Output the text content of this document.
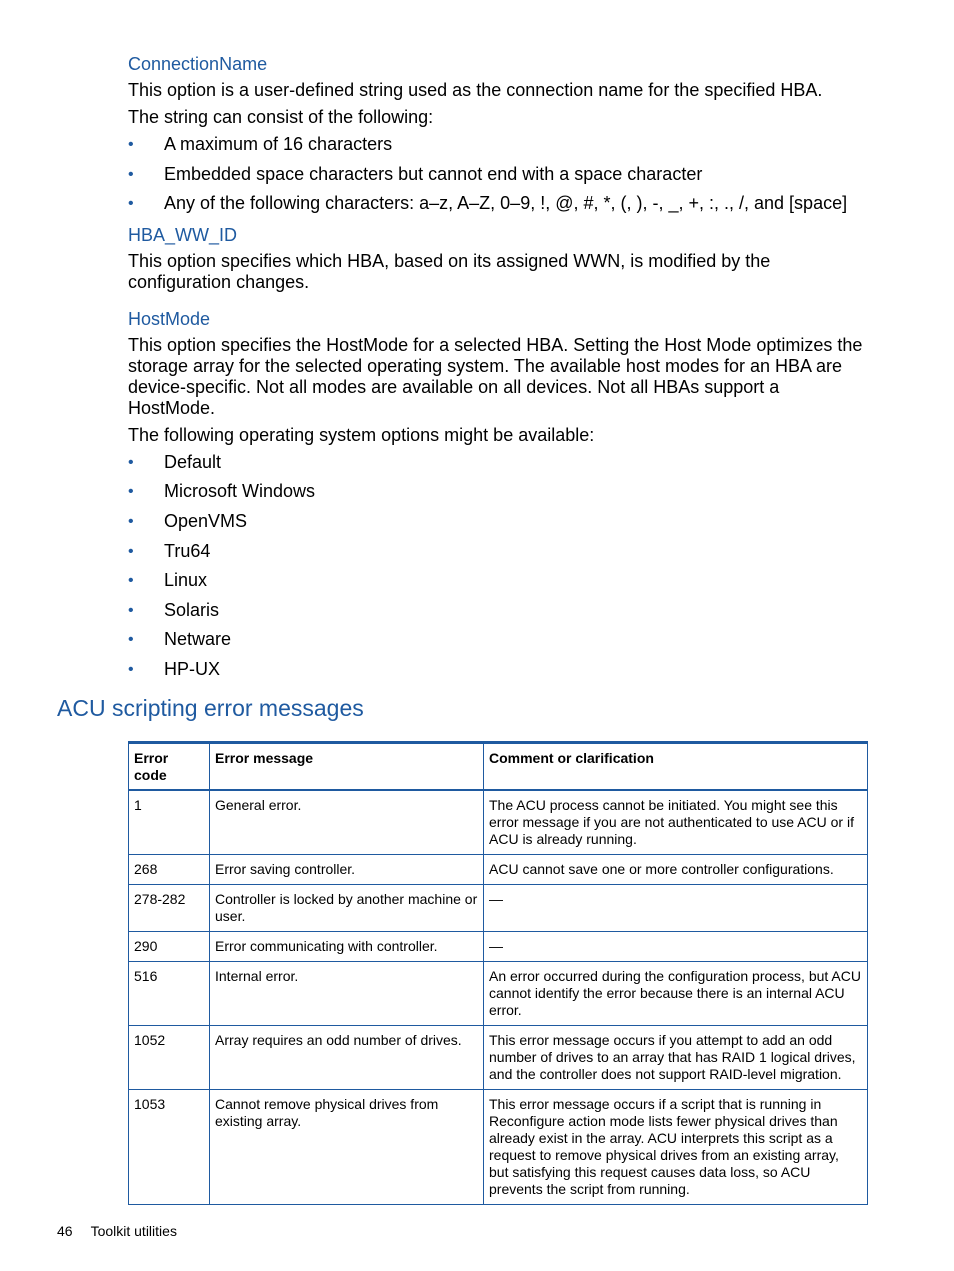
ConnectionName

This option is a user-defined string used as the connection name for the specified HBA.

The string can consist of the following:

• A maximum of 16 characters
• Embedded space characters but cannot end with a space character
• Any of the following characters: a–z, A–Z, 0–9, !, @, #, *, (, ), -, _, +, :, ., /, and [space]
HBA_WW_ID

This option specifies which HBA, based on its assigned WWN, is modified by the configuration changes.

HostMode

This option specifies the HostMode for a selected HBA. Setting the Host Mode optimizes the storage array for the selected operating system. The available host modes for an HBA are device-specific. Not all modes are available on all devices. Not all HBAs support a HostMode.

The following operating system options might be available:

• Default
• Microsoft Windows
• OpenVMS
• Tru64
• Linux
• Solaris
• Netware
• HP-UX
ACU scripting error messages
Error code	Error message	Comment or clarification
1	General error.	The ACU process cannot be initiated. You might see this error message if you are not authenticated to use ACU or if ACU is already running.
268	Error saving controller.	ACU cannot save one or more controller configurations.
278-282	Controller is locked by another machine or user.	—
290	Error communicating with controller.	—
516	Internal error.	An error occurred during the configuration process, but ACU cannot identify the error because there is an internal ACU error.
1052	Array requires an odd number of drives.	This error message occurs if you attempt to add an odd number of drives to an array that has RAID 1 logical drives, and the controller does not support RAID-level migration.
1053	Cannot remove physical drives from existing array.	This error message occurs if a script that is running in Reconfigure action mode lists fewer physical drives than already exist in the array. ACU interprets this script as a request to remove physical drives from an existing array, but satisfying this request causes data loss, so ACU prevents the script from running.
46 Toolkit utilities
